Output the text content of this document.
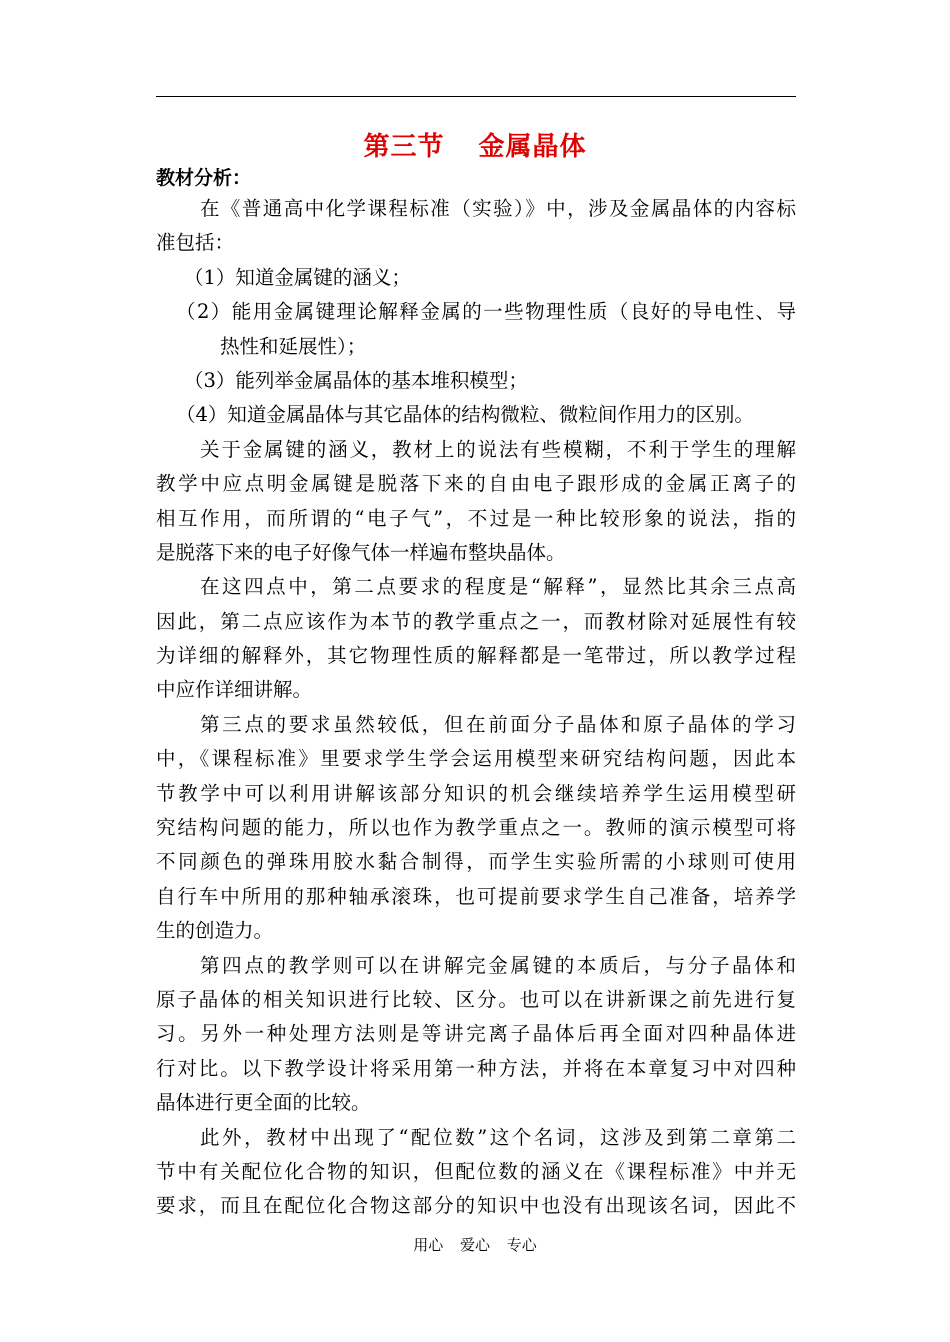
第三节 金属晶体
教材分析：
在《普通高中化学课程标准（实验）》中，涉及金属晶体的内容标
准包括：
（1）知道金属键的涵义；
（2）能用金属键理论解释金属的一些物理性质（良好的导电性、导
热性和延展性）；
（3）能列举金属晶体的基本堆积模型；
（4）知道金属晶体与其它晶体的结构微粒、微粒间作用力的区别。
关于金属键的涵义，教材上的说法有些模糊，不利于学生的理解
教学中应点明金属键是脱落下来的自由电子跟形成的金属正离子的
相互作用，而所谓的“电子气”，不过是一种比较形象的说法，指的
是脱落下来的电子好像气体一样遍布整块晶体。
在这四点中，第二点要求的程度是“解释”，显然比其余三点高
因此，第二点应该作为本节的教学重点之一，而教材除对延展性有较
为详细的解释外，其它物理性质的解释都是一笔带过，所以教学过程
中应作详细讲解。
第三点的要求虽然较低，但在前面分子晶体和原子晶体的学习
中，《课程标准》里要求学生学会运用模型来研究结构问题，因此本
节教学中可以利用讲解该部分知识的机会继续培养学生运用模型研
究结构问题的能力，所以也作为教学重点之一。教师的演示模型可将
不同颜色的弹珠用胶水黏合制得，而学生实验所需的小球则可使用
自行车中所用的那种轴承滚珠，也可提前要求学生自己准备，培养学
生的创造力。
第四点的教学则可以在讲解完金属键的本质后，与分子晶体和
原子晶体的相关知识进行比较、区分。也可以在讲新课之前先进行复
习。另外一种处理方法则是等讲完离子晶体后再全面对四种晶体进
行对比。以下教学设计将采用第一种方法，并将在本章复习中对四种
晶体进行更全面的比较。
此外，教材中出现了“配位数”这个名词，这涉及到第二章第二
节中有关配位化合物的知识，但配位数的涵义在《课程标准》中并无
要求，而且在配位化合物这部分的知识中也没有出现该名词，因此不
用心 爱心 专心
